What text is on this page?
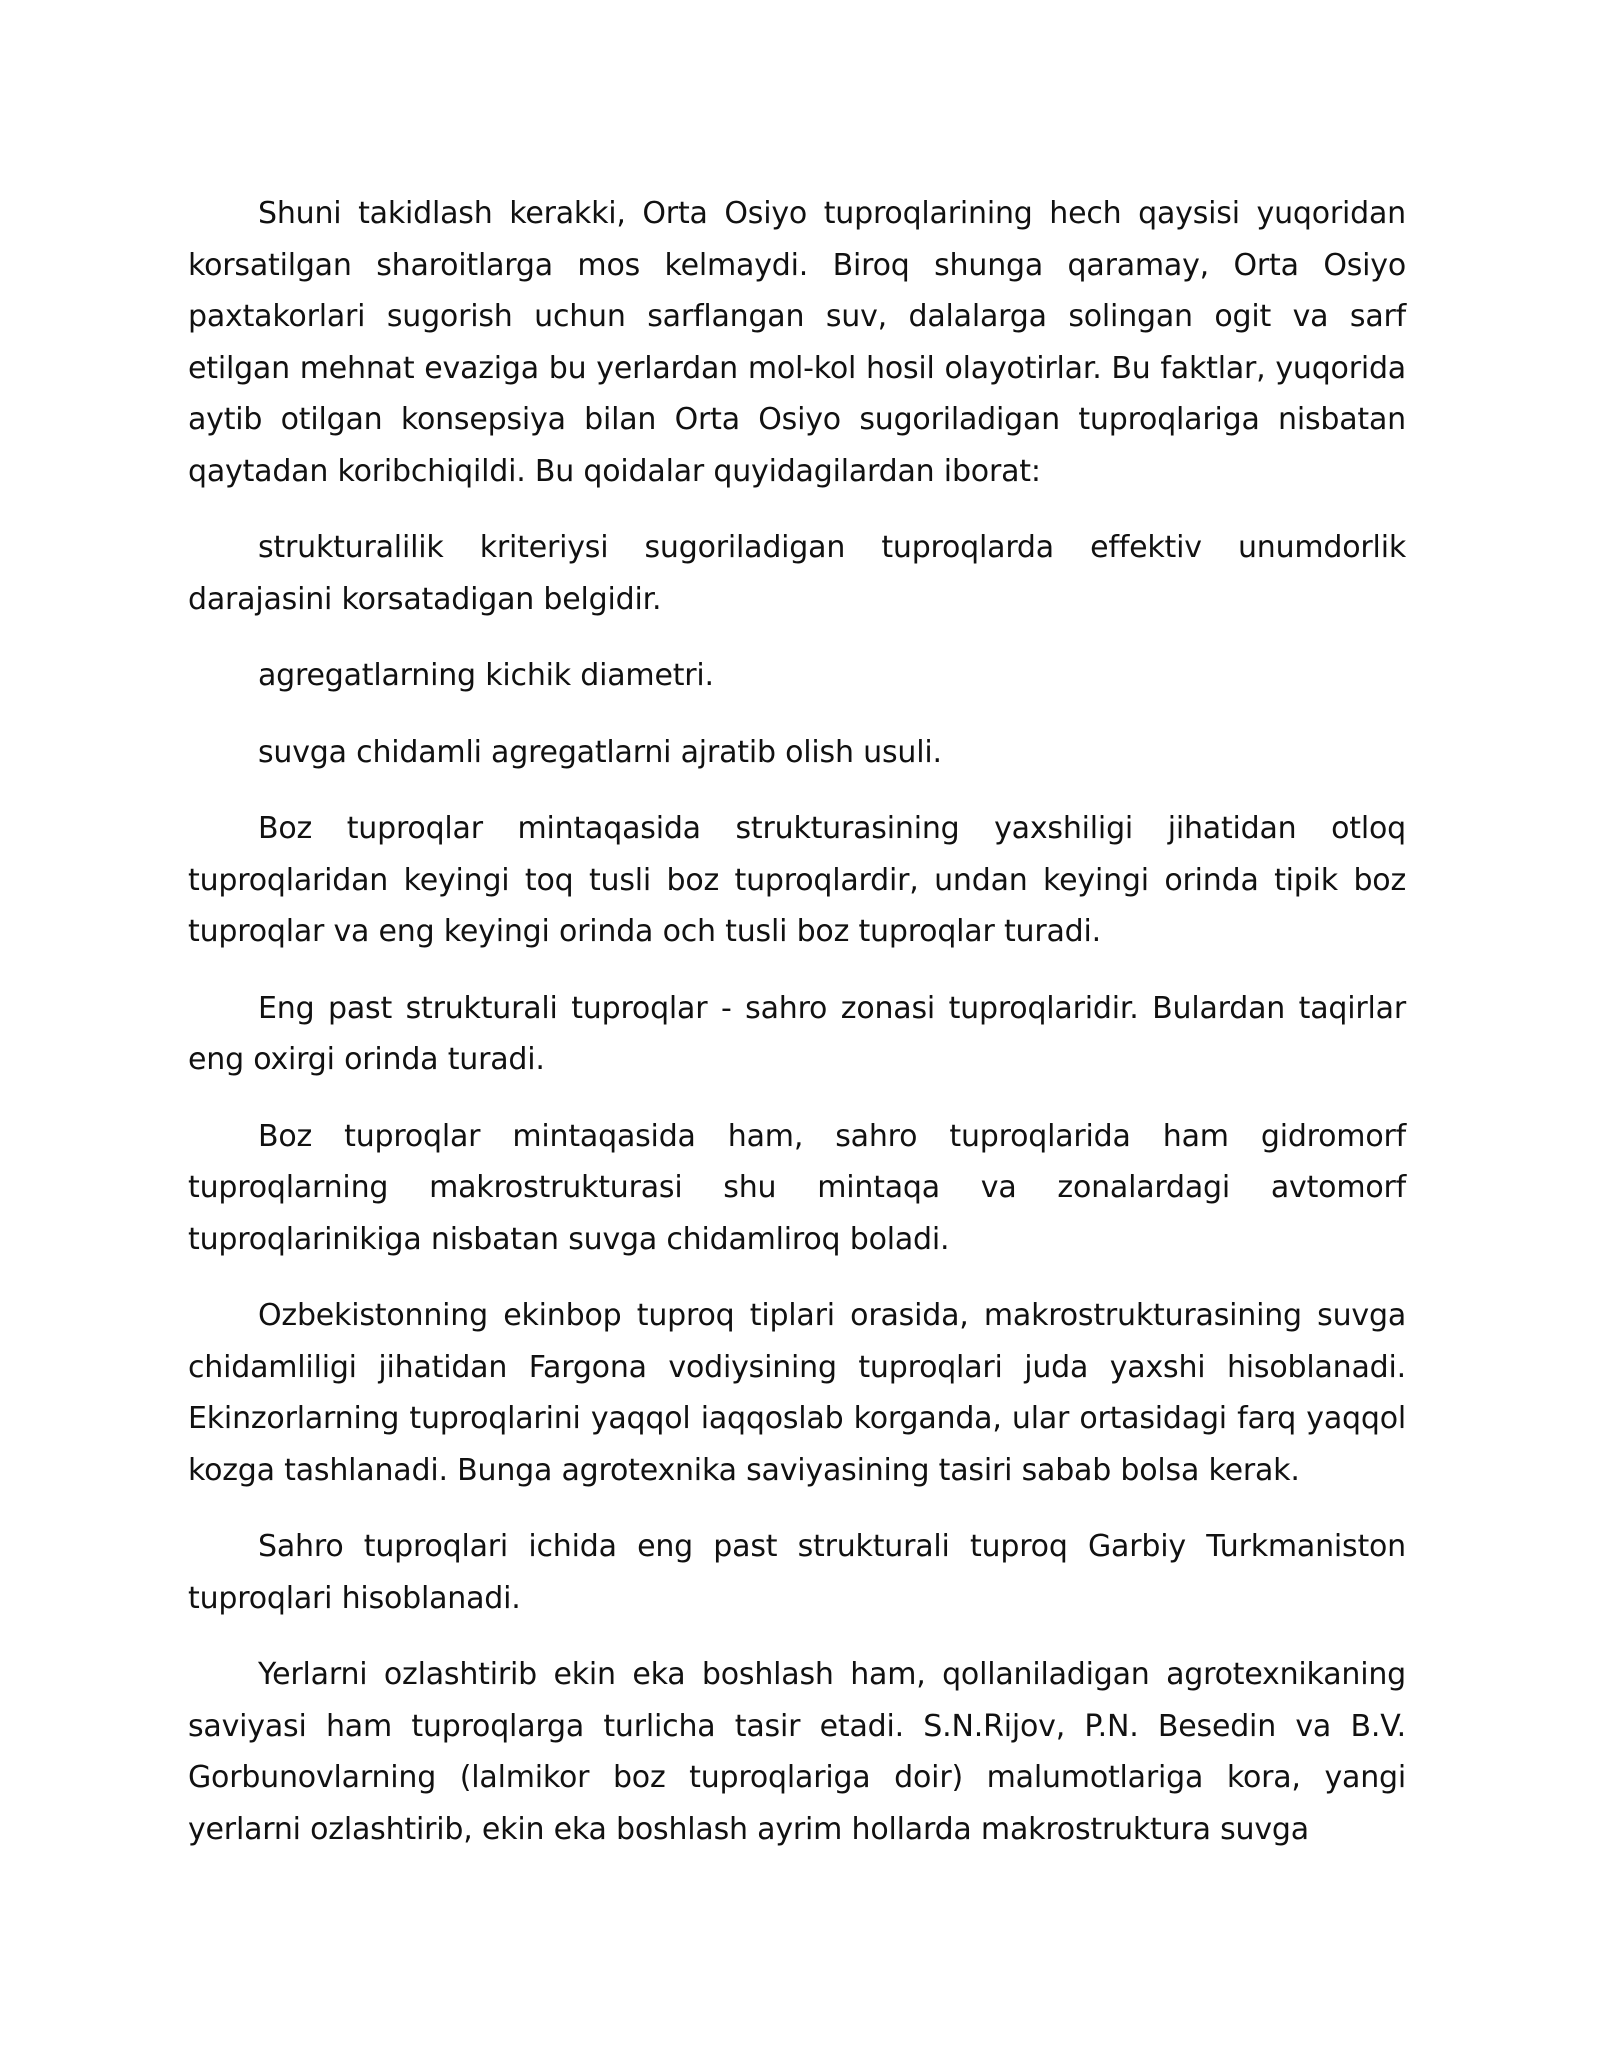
Shuni takidlash kerakki, Orta Osiyo tuproqlarining hech qaysisi yuqoridan korsatilgan sharoitlarga mos kelmaydi. Biroq shunga qaramay, Orta Osiyo paxtakorlari sugorish uchun sarflangan suv, dalalarga solingan ogit va sarf etilgan mehnat evaziga bu yerlardan mol-kol hosil olayotirlar. Bu faktlar, yuqorida aytib otilgan konsepsiya bilan Orta Osiyo sugoriladigan tuproqlariga nisbatan qaytadan koribchiqildi. Bu qoidalar quyidagilardan iborat:

strukturalilik kriteriysi sugoriladigan tuproqlarda effektiv unumdorlik darajasini korsatadigan belgidir.

agregatlarning kichik diametri.

suvga chidamli agregatlarni ajratib olish usuli.

Boz tuproqlar mintaqasida strukturasining yaxshiligi jihatidan otloq tuproqlaridan keyingi toq tusli boz tuproqlardir, undan keyingi orinda tipik boz tuproqlar va eng keyingi orinda och tusli boz tuproqlar turadi.

Eng past strukturali tuproqlar - sahro zonasi tuproqlaridir. Bulardan taqirlar eng oxirgi orinda turadi.

Boz tuproqlar mintaqasida ham, sahro tuproqlarida ham gidromorf tuproqlarning makrostrukturasi shu mintaqa va zonalardagi avtomorf tuproqlarinikiga nisbatan suvga chidamliroq boladi.

Ozbekistonning ekinbop tuproq tiplari orasida, makrostrukturasining suvga chidamliligi jihatidan Fargona vodiysining tuproqlari juda yaxshi hisoblanadi. Ekinzorlarning tuproqlarini yaqqol iaqqoslab korganda, ular ortasidagi farq yaqqol kozga tashlanadi. Bunga agrotexnika saviyasining tasiri sabab bolsa kerak.

Sahro tuproqlari ichida eng past strukturali tuproq Garbiy Turkmaniston tuproqlari hisoblanadi.

Yerlarni ozlashtirib ekin eka boshlash ham, qollaniladigan agrotexnikaning saviyasi ham tuproqlarga turlicha tasir etadi. S.N.Rijov, P.N. Besedin va B.V. Gorbunovlarning (lalmikor boz tuproqlariga doir) malumotlariga kora, yangi yerlarni ozlashtirib, ekin eka boshlash ayrim hollarda makrostruktura suvga
